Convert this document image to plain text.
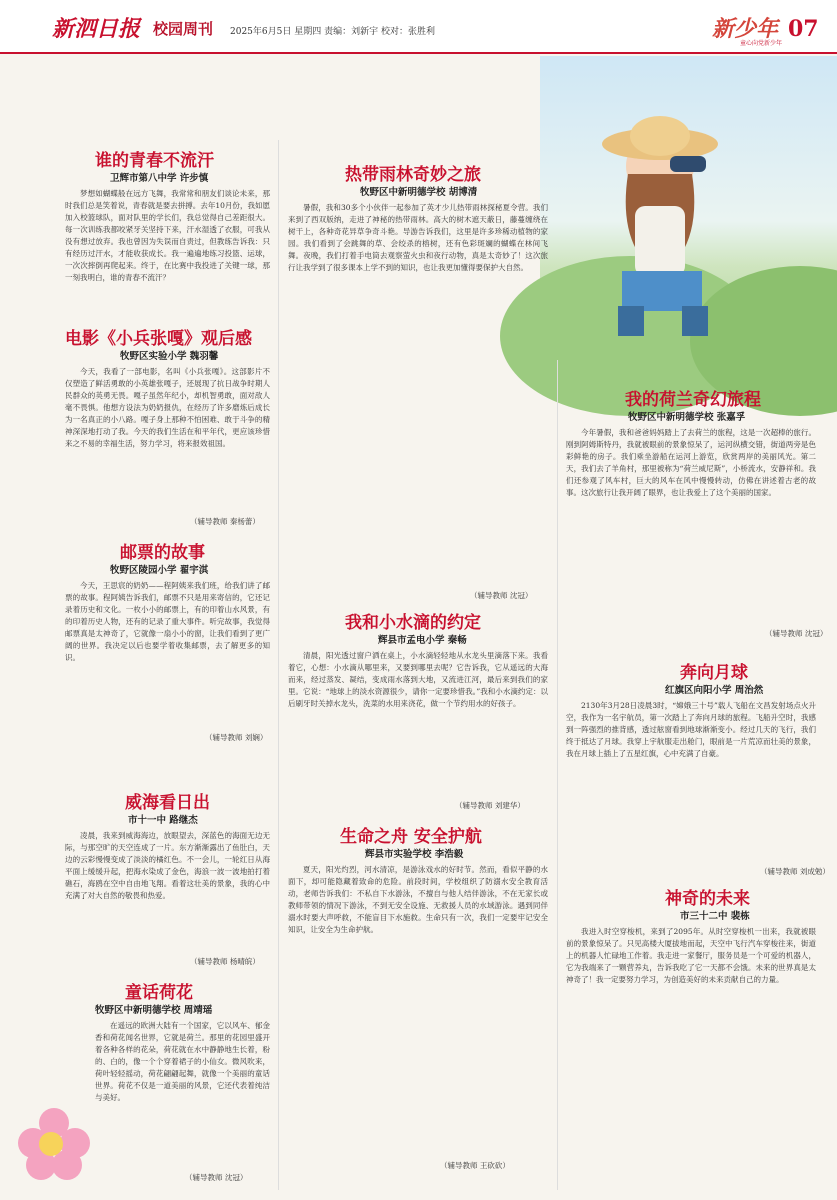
新泗日报 校园周刊 2025年6月5日 星期四 责编：刘新宇 校对：张胜利	新少年
童心向党新少年
07
谁的青春不流汗
卫辉市第八中学 许步慎
梦想如蝴蝶般在远方飞舞，我常常和朋友们谈论未来，那时我们总是笑着说，青春就是要去拼搏。去年10月份，我如愿加入校篮球队，面对队里的学长们，我总觉得自己差距很大。每一次训练我都咬紧牙关坚持下来，汗水湿透了衣服，可我从没有想过放弃。我也曾因为失误而自责过，但教练告诉我：只有经历过汗水，才能收获成长。我一遍遍地练习投篮、运球，一次次摔倒再爬起来。终于，在比赛中我投进了关键一球，那一刻我明白，谁的青春不流汗？
电影《小兵张嘎》观后感
牧野区实验小学 魏羽馨
今天，我看了一部电影，名叫《小兵张嘎》。这部影片不仅塑造了鲜活勇敢的小英雄张嘎子，还展现了抗日战争时期人民群众的英勇无畏。嘎子虽然年纪小，却机智勇敢，面对敌人毫不畏惧。他想方设法为奶奶报仇，在经历了许多磨炼后成长为一名真正的小八路。嘎子身上那种不怕困难、敢于斗争的精神深深地打动了我。今天的我们生活在和平年代，更应该珍惜来之不易的幸福生活，努力学习，将来报效祖国。
（辅导教师 秦杨蕾）
邮票的故事
牧野区陵园小学 翟宇淇
今天，王思宸的奶奶——程阿姨来我们班，给我们讲了邮票的故事。程阿姨告诉我们，邮票不只是用来寄信的，它还记录着历史和文化。一枚小小的邮票上，有的印着山水风景，有的印着历史人物，还有的记录了重大事件。听完故事，我觉得邮票真是太神奇了，它就像一扇小小的窗，让我们看到了更广阔的世界。我决定以后也要学着收集邮票，去了解更多的知识。
（辅导教师 刘娴）
威海看日出
市十一中 路继杰
凌晨，我来到威海海边，放眼望去，深蓝色的海面无边无际，与那空旷的天空连成了一片。东方渐渐露出了鱼肚白，天边的云彩慢慢变成了淡淡的橘红色。不一会儿，一轮红日从海平面上缓缓升起，把海水染成了金色，海浪一波一波地拍打着礁石，海鸥在空中自由地飞翔。看着这壮美的景象，我的心中充满了对大自然的敬畏和热爱。
（辅导教师 杨晴皖）
童话荷花
牧野区中新明德学校 周靖瑶
在遥远的欧洲大陆有一个国家，它以风车、郁金香和荷花闻名世界，它就是荷兰。那里的花园里盛开着各种各样的花朵，荷花就在水中静静地生长着，粉的、白的，像一个个穿着裙子的小仙女。微风吹来，荷叶轻轻摇动，荷花翩翩起舞，就像一个美丽的童话世界。荷花不仅是一道美丽的风景，它还代表着纯洁与美好。
（辅导教师 沈冠）
热带雨林奇妙之旅
牧野区中新明德学校 胡博清
暑假，我和30多个小伙伴一起参加了英才少儿热带雨林探秘夏令营。我们来到了西双版纳，走进了神秘的热带雨林。高大的树木遮天蔽日，藤蔓缠绕在树干上，各种奇花异草争奇斗艳。导游告诉我们，这里是许多珍稀动植物的家园。我们看到了会跳舞的草、会绞杀的榕树，还有色彩斑斓的蝴蝶在林间飞舞。夜晚，我们打着手电筒去观察萤火虫和夜行动物，真是太奇妙了！这次旅行让我学到了很多课本上学不到的知识，也让我更加懂得要保护大自然。
（辅导教师 沈冠）
我和小水滴的约定
辉县市孟电小学 秦畅
清晨，阳光透过窗户洒在桌上，小水滴轻轻地从水龙头里滴落下来。我看着它，心想：小水滴从哪里来，又要到哪里去呢？它告诉我，它从遥远的大海而来，经过蒸发、凝结，变成雨水落到大地，又流进江河，最后来到我们的家里。它说：“地球上的淡水资源很少，请你一定要珍惜我。”我和小水滴约定：以后刷牙时关掉水龙头，洗菜的水用来浇花，做一个节约用水的好孩子。
（辅导教师 刘建华）
生命之舟 安全护航
辉县市实验学校 李浩毅
夏天，阳光灼烈，河水清凉，是游泳戏水的好时节。然而，看似平静的水面下，却可能隐藏着致命的危险。前段时间，学校组织了防溺水安全教育活动，老师告诉我们：不私自下水游泳，不擅自与他人结伴游泳，不在无家长或教师带领的情况下游泳，不到无安全设施、无救援人员的水域游泳。遇到同伴溺水时要大声呼救，不能盲目下水施救。生命只有一次，我们一定要牢记安全知识，让安全为生命护航。
（辅导教师 王砍砍）
我的荷兰奇幻旅程
牧野区中新明德学校 张嘉孚
今年暑假，我和爸爸妈妈踏上了去荷兰的旅程，这是一次超棒的旅行。刚到阿姆斯特丹，我就被眼前的景象惊呆了，运河纵横交错，街道两旁是色彩鲜艳的房子。我们乘坐游船在运河上游览，欣赏两岸的美丽风光。第二天，我们去了羊角村，那里被称为“荷兰威尼斯”，小桥流水，安静祥和。我们还参观了风车村，巨大的风车在风中慢慢转动，仿佛在讲述着古老的故事。这次旅行让我开阔了眼界，也让我爱上了这个美丽的国家。
（辅导教师 沈冠）
奔向月球
红旗区向阳小学 周治然
2130年3月28日凌晨3时，“嫦娥三十号”载人飞船在文昌发射场点火升空，我作为一名宇航员，第一次踏上了奔向月球的旅程。飞船升空时，我感到一阵强烈的推背感，透过舷窗看到地球渐渐变小。经过几天的飞行，我们终于抵达了月球。我穿上宇航服走出舱门，眼前是一片荒凉而壮美的景象，我在月球上插上了五星红旗，心中充满了自豪。
（辅导教师 刘成勉）
神奇的未来
市三十二中 裴栋
我进入时空穿梭机，来到了2095年。从时空穿梭机一出来，我就被眼前的景象惊呆了。只见高楼大厦拔地而起，天空中飞行汽车穿梭往来，街道上的机器人忙碌地工作着。我走进一家餐厅，服务员是一个可爱的机器人，它为我端来了一颗营养丸，告诉我吃了它一天都不会饿。未来的世界真是太神奇了！我一定要努力学习，为创造美好的未来贡献自己的力量。
